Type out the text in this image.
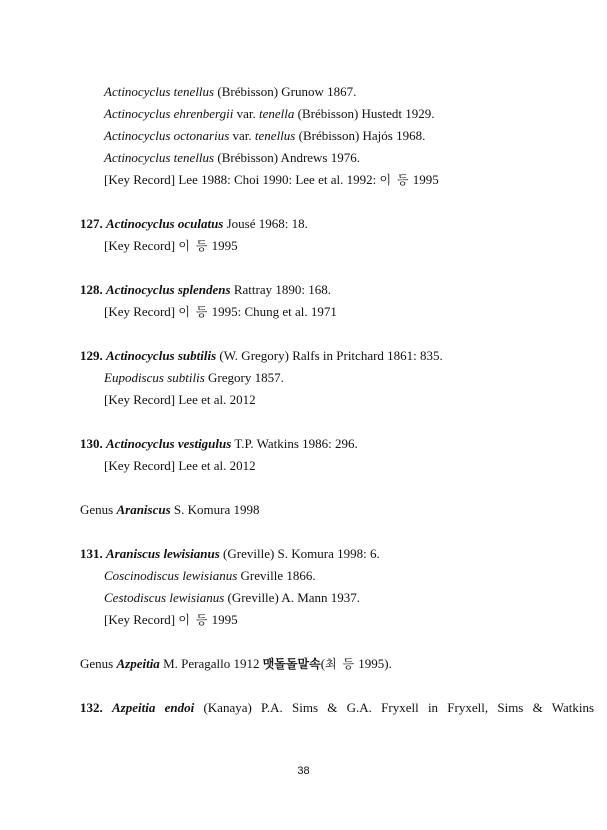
Actinocyclus tenellus (Brébisson) Grunow 1867.
Actinocyclus ehrenbergii var. tenella (Brébisson) Hustedt 1929.
Actinocyclus octonarius var. tenellus (Brébisson) Hajós 1968.
Actinocyclus tenellus (Brébisson) Andrews 1976.
[Key Record] Lee 1988: Choi 1990: Lee et al. 1992: 이 등 1995
127. Actinocyclus oculatus Jousé 1968: 18.
[Key Record] 이 등 1995
128. Actinocyclus splendens Rattray 1890: 168.
[Key Record] 이 등 1995: Chung et al. 1971
129. Actinocyclus subtilis (W. Gregory) Ralfs in Pritchard 1861: 835.
Eupodiscus subtilis Gregory 1857.
[Key Record] Lee et al. 2012
130. Actinocyclus vestigulus T.P. Watkins 1986: 296.
[Key Record] Lee et al. 2012
Genus Araniscus S. Komura 1998
131. Araniscus lewisianus (Greville) S. Komura 1998: 6.
Coscinodiscus lewisianus Greville 1866.
Cestodiscus lewisianus (Greville) A. Mann 1937.
[Key Record] 이 등 1995
Genus Azpeitia M. Peragallo 1912 맷돌돌말속(최 등 1995).
132. Azpeitia endoi (Kanaya) P.A. Sims & G.A. Fryxell in Fryxell, Sims & Watkins
38
